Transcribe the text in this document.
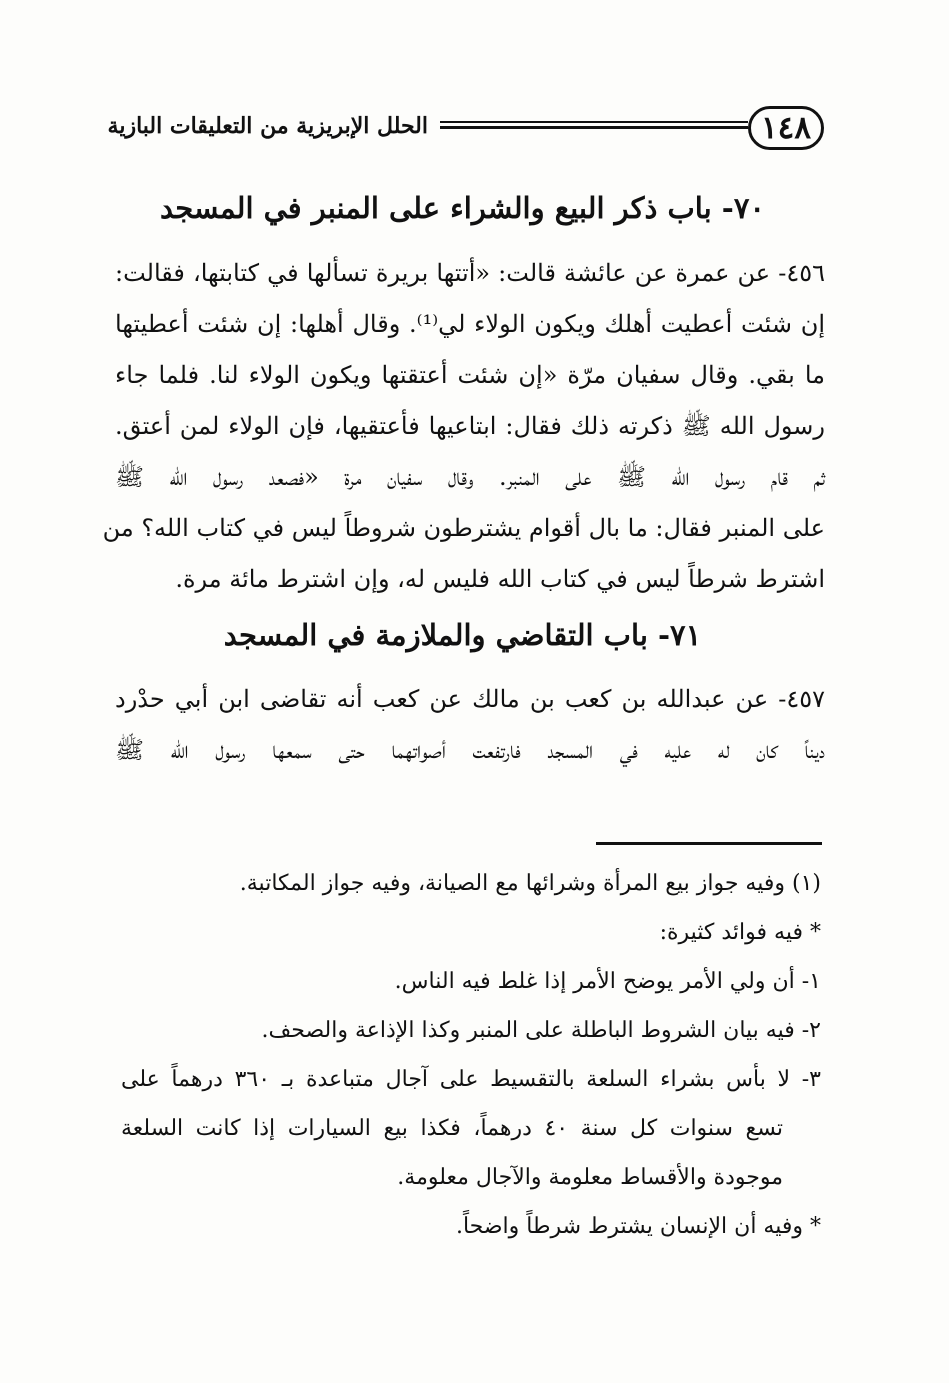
١٤٨
الحلل الإبريزية من التعليقات البازية
٧٠- باب ذكر البيع والشراء على المنبر في المسجد
٤٥٦- عن عمرة عن عائشة قالت: «أتتها بريرة تسألها في كتابتها، فقالت:
إن شئت أعطيت أهلك ويكون الولاء لي⁽¹⁾. وقال أهلها: إن شئت أعطيتها
ما بقي. وقال سفيان مرّة «إن شئت أعتقتها ويكون الولاء لنا. فلما جاء
رسول الله ﷺ ذكرته ذلك فقال: ابتاعيها فأعتقيها، فإن الولاء لمن أعتق.
ثم قام رسول الله ﷺ على المنبر. وقال سفيان مرة «فصعد رسول الله ﷺ
على المنبر فقال: ما بال أقوام يشترطون شروطاً ليس في كتاب الله؟ من
اشترط شرطاً ليس في كتاب الله فليس له، وإن اشترط مائة مرة.
٧١- باب التقاضي والملازمة في المسجد
٤٥٧- عن عبدالله بن كعب بن مالك عن كعب أنه تقاضى ابن أبي حدْرد
ديناً كان له عليه في المسجد فارتفعت أصواتهما حتى سمعها رسول الله ﷺ
(١) وفيه جواز بيع المرأة وشرائها مع الصيانة، وفيه جواز المكاتبة.
* فيه فوائد كثيرة:
١- أن ولي الأمر يوضح الأمر إذا غلط فيه الناس.
٢- فيه بيان الشروط الباطلة على المنبر وكذا الإذاعة والصحف.
٣- لا بأس بشراء السلعة بالتقسيط على آجال متباعدة بـ ٣٦٠ درهماً على
تسع سنوات كل سنة ٤٠ درهماً، فكذا بيع السيارات إذا كانت السلعة
موجودة والأقساط معلومة والآجال معلومة.
* وفيه أن الإنسان يشترط شرطاً واضحاً.
